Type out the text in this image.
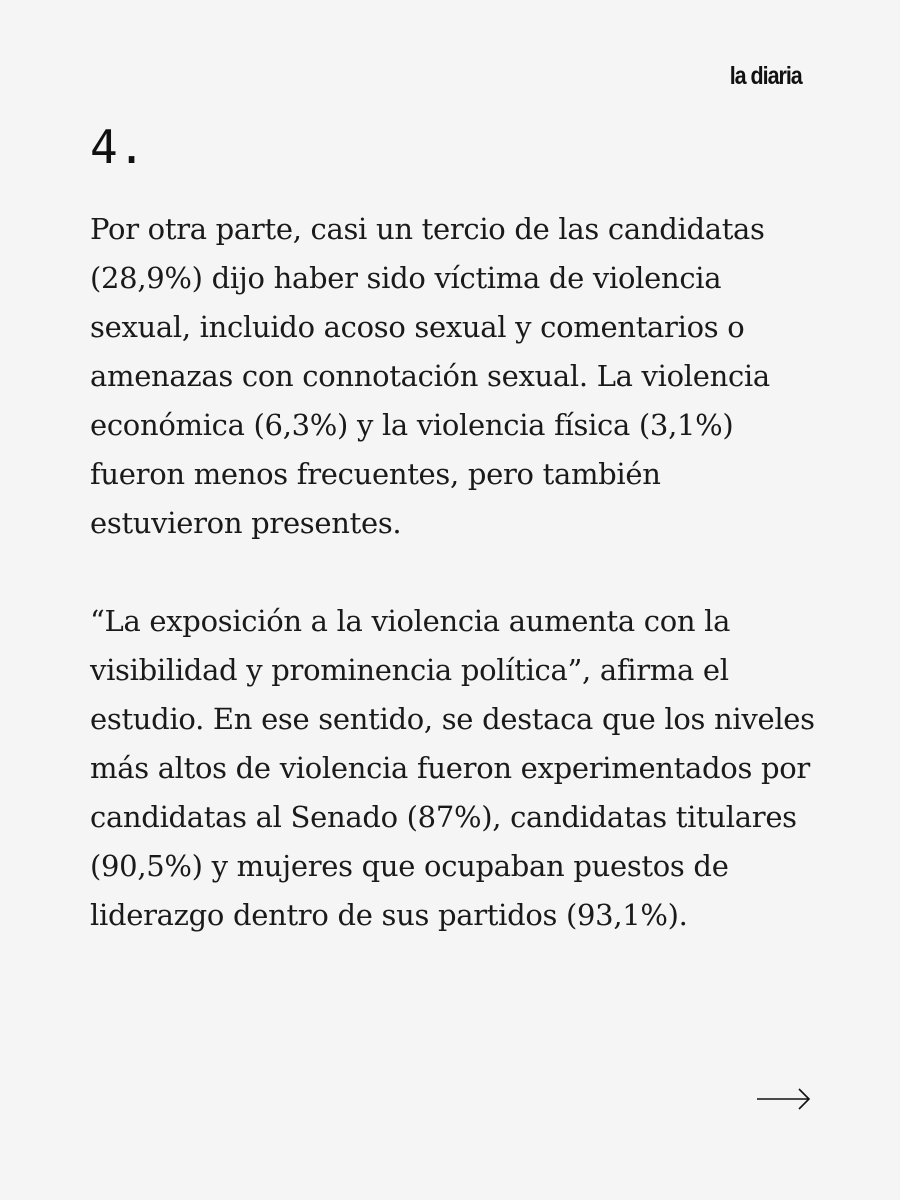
la diaria
4.

Por otra parte, casi un tercio de las candidatas (28,9%) dijo haber sido víctima de violencia sexual, incluido acoso sexual y comentarios o amenazas con connotación sexual. La violencia económica (6,3%) y la violencia física (3,1%) fueron menos frecuentes, pero también estuvieron presentes.

“La exposición a la violencia aumenta con la visibilidad y prominencia política”, afirma el estudio. En ese sentido, se destaca que los niveles más altos de violencia fueron experimentados por candidatas al Senado (87%), candidatas titulares (90,5%) y mujeres que ocupaban puestos de liderazgo dentro de sus partidos (93,1%).
